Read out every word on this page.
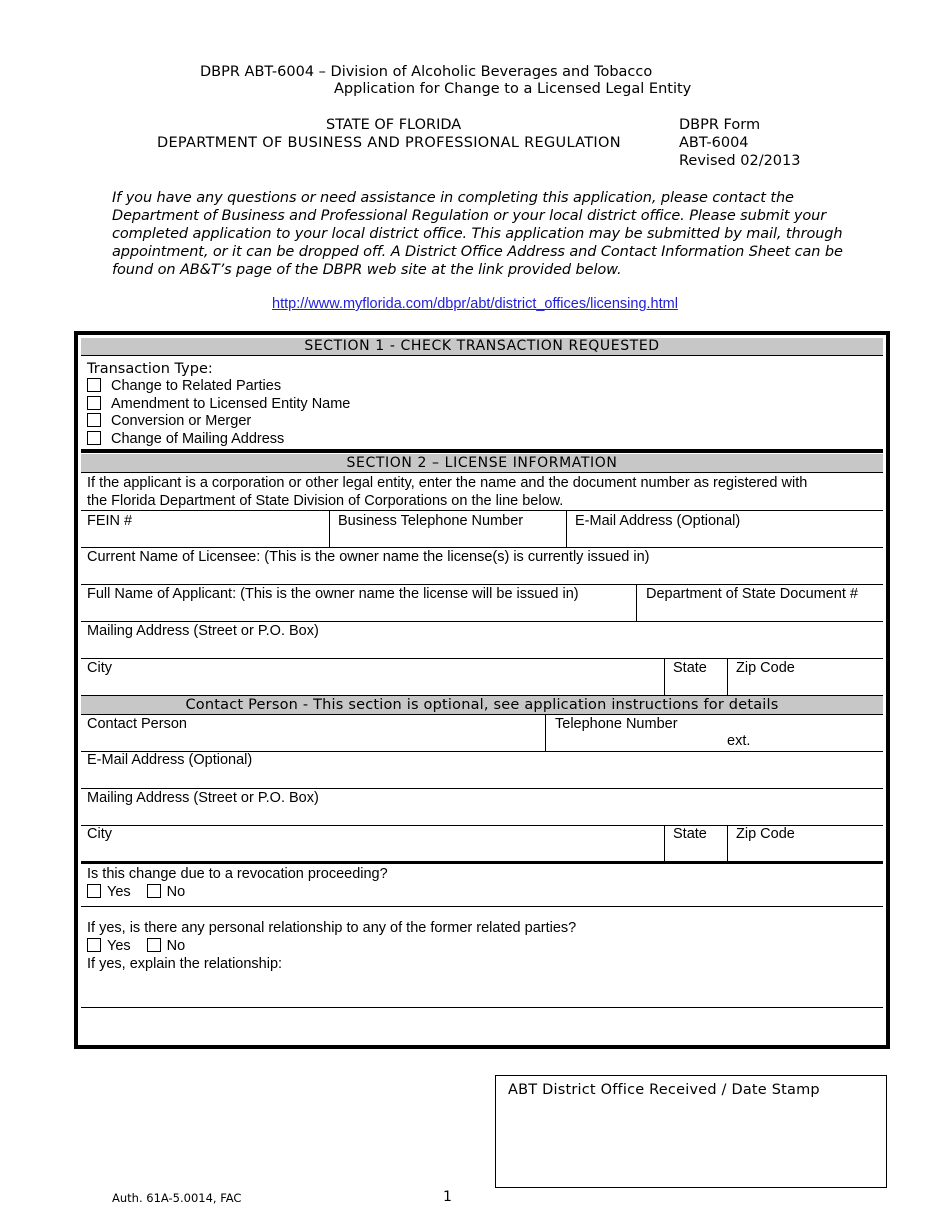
DBPR ABT-6004 – Division of Alcoholic Beverages and Tobacco
Application for Change to a Licensed Legal Entity
STATE OF FLORIDA
DEPARTMENT OF BUSINESS AND PROFESSIONAL REGULATION
DBPR Form
ABT-6004
Revised 02/2013

If you have any questions or need assistance in completing this application, please contact the

Department of Business and Professional Regulation or your local district office. Please submit your

completed application to your local district office. This application may be submitted by mail, through

appointment, or it can be dropped off. A District Office Address and Contact Information Sheet can be

found on AB&T’s page of the DBPR web site at the link provided below.

http://www.myflorida.com/dbpr/abt/district_offices/licensing.html
SECTION 1 - CHECK TRANSACTION REQUESTED
Transaction Type:
Change to Related Parties
Amendment to Licensed Entity Name
Conversion or Merger
Change of Mailing Address
SECTION 2 – LICENSE INFORMATION
If the applicant is a corporation or other legal entity, enter the name and the document number as registered with
the Florida Department of State Division of Corporations on the line below.
FEIN #	Business Telephone Number	E-Mail Address (Optional)
Current Name of Licensee: (This is the owner name the license(s) is currently issued in)
Full Name of Applicant: (This is the owner name the license will be issued in)	Department of State Document #
Mailing Address (Street or P.O. Box)
City	State Zip Code
Contact Person - This section is optional, see application instructions for details
Contact Person	Telephone Number
ext.
E-Mail Address (Optional)
Mailing Address (Street or P.O. Box)
City	State Zip Code
Is this change due to a revocation proceeding?
Yes No
If yes, is there any personal relationship to any of the former related parties?
Yes No
If yes, explain the relationship:
ABT District Office Received / Date Stamp
Auth. 61A-5.0014, FAC	1
